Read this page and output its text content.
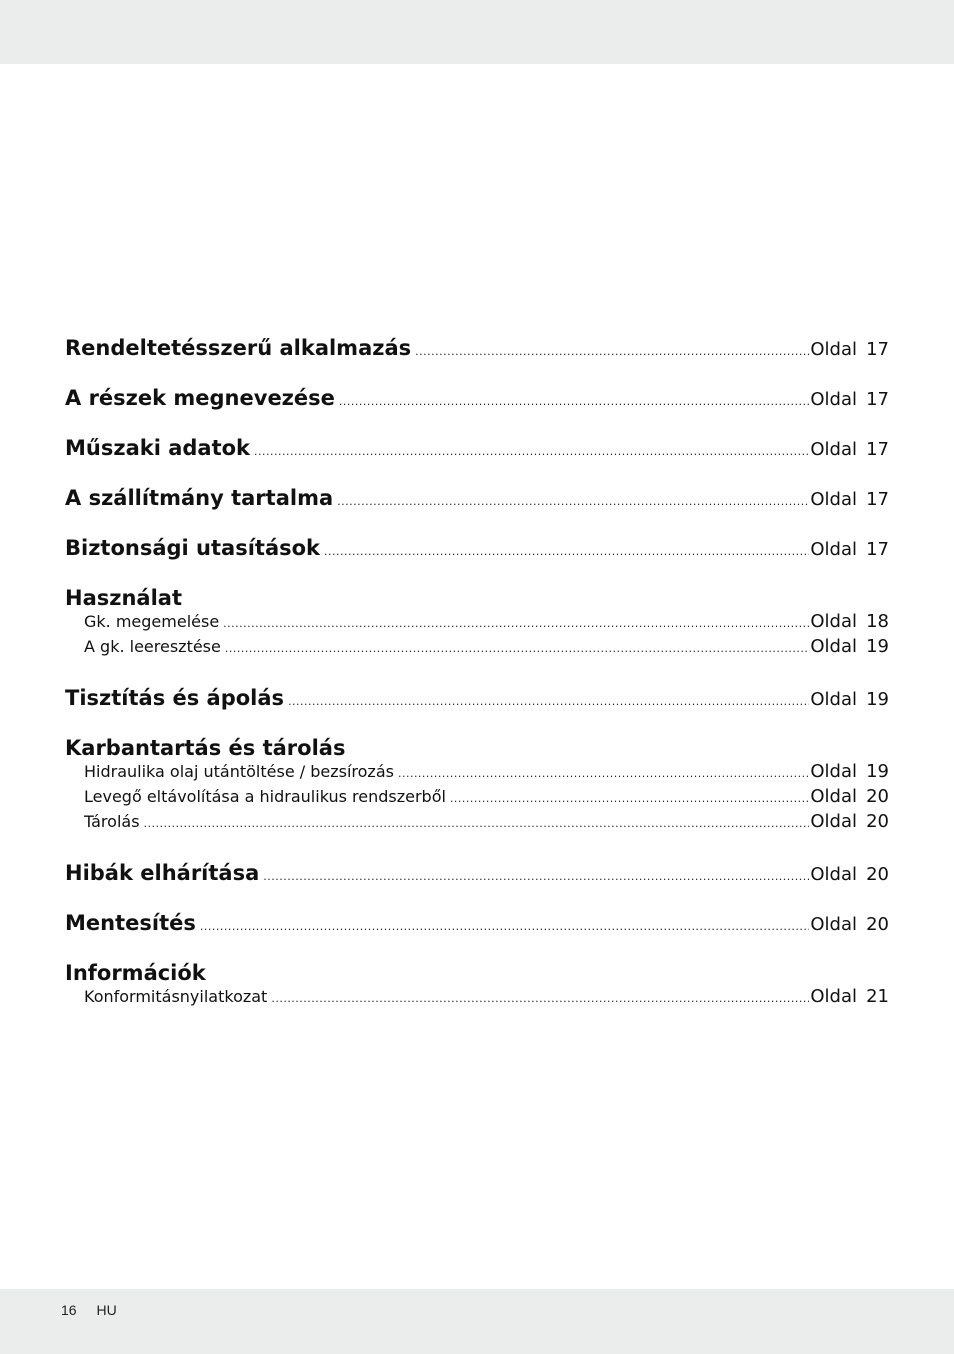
Rendeltetésszerű alkalmazás .....	Oldal 17
A részek megnevezése .....	Oldal 17
Műszaki adatok .....	Oldal 17
A szállítmány tartalma .....	Oldal 17
Biztonsági utasítások .....	Oldal 17
Használat
Gk. megemelése .....	Oldal 18
A gk. leeresztése .....	Oldal 19
Tisztítás és ápolás .....	Oldal 19
Karbantartás és tárolás
Hidraulika olaj utántöltése / bezsírozás .....	Oldal 19
Levegő eltávolítása a hidraulikus rendszerből .....	Oldal 20
Tárolás .....	Oldal 20
Hibák elhárítása .....	Oldal 20
Mentesítés .....	Oldal 20
Információk
Konformitásnyilatkozat .....	Oldal 21
16 HU
